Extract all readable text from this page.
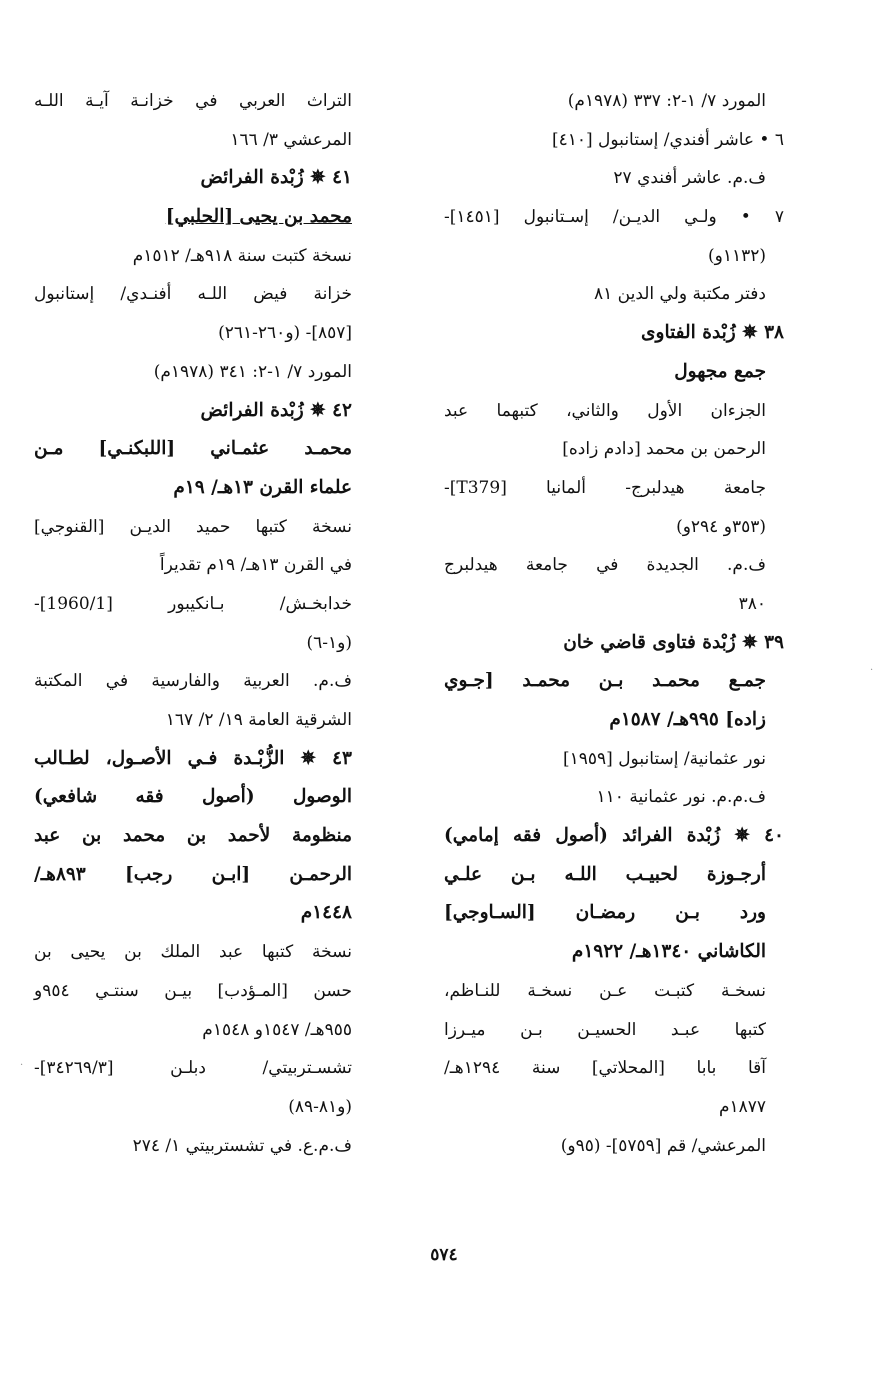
المورد ٧/ ١-٢: ٣٣٧ (١٩٧٨م)
٦ • عاشر أفندي/ إستانبول [٤١٠]
ف.م. عاشر أفندي ٢٧
٧ • ولـي الديـن/ إسـتانبول [١٤٥١]-
(١١٣٢و)
دفتر مكتبة ولي الدين ٨١
٣٨ ✵ زُبْدة الفتاوى
جمع مجهول
الجزءان الأول والثاني، كتبهما عبد
الرحمن بن محمد [دادم زاده]
جامعة هيدلبرج- ألمانيا [T379]-
(٣٥٣و ٢٩٤و)
ف.م. الجديدة في جامعة هيدلبرج
٣٨٠
٣٩ ✵ زُبْدة فتاوى قاضي خان
جمـع محمـد بـن محمـد [جـوي
زاده] ٩٩٥هـ/ ١٥٨٧م
نور عثمانية/ إستانبول [١٩٥٩]
ف.م.م. نور عثمانية ١١٠
٤٠ ✵ زُبْدة الفرائد (أصول فقه إمامي)
أرجـوزة لحبيـب اللـه بـن علـي
ورد بـن رمضـان [السـاوجي]
الكاشاني ١٣٤٠هـ/ ١٩٢٢م
نسخـة كتبـت عـن نسخـة للنـاظم،
كتبها عبـد الحسيـن بـن ميـرزا
آقا بابا [المحلاتي] سنة ١٢٩٤هـ/
١٨٧٧م
المرعشي/ قم [٥٧٥٩]- (٩٥و)
التراث العربي في خزانـة آيـة اللـه
المرعشي ٣/ ١٦٦
٤١ ✵ زُبْدة الفرائض
محمد بن يحيى [الحلبي]
نسخة كتبت سنة ٩١٨هـ/ ١٥١٢م
خزانة فيض اللـه أفنـدي/ إستانبول
[٨٥٧]- (و٢٦٠-٢٦١)
المورد ٧/ ١-٢: ٣٤١ (١٩٧٨م)
٤٢ ✵ زُبْدة الفرائض
محمـد عثمـاني [اللبكنـي] مـن
علماء القرن ١٣هـ/ ١٩م
نسخة كتبها حميد الديـن [القنوجي]
في القرن ١٣هـ/ ١٩م تقديراً
خدابخـش/ بـانكيبور [1960/1]-
(و١-٦)
ف.م. العربية والفارسية في المكتبة
الشرقية العامة ١٩/ ٢/ ١٦٧
٤٣ ✵ الزُّبْـدة فـي الأصـول، لطـالب
الوصول (أصول فقه شافعي)
منظومة لأحمد بن محمد بن عبد
الرحمـن [ابـن رجب] ٨٩٣هـ/
١٤٤٨م
نسخة كتبها عبد الملك بن يحيى بن
حسن [المـؤدب] بيـن سنتـي ٩٥٤و
٩٥٥هـ/ ١٥٤٧و ١٥٤٨م
تشسـتربيتي/ دبلـن [٣٤٢٦٩/٣]-
(و٨١-٨٩)
ف.م.ع. في تشستربيتي ١/ ٢٧٤
٥٧٤
·
·
